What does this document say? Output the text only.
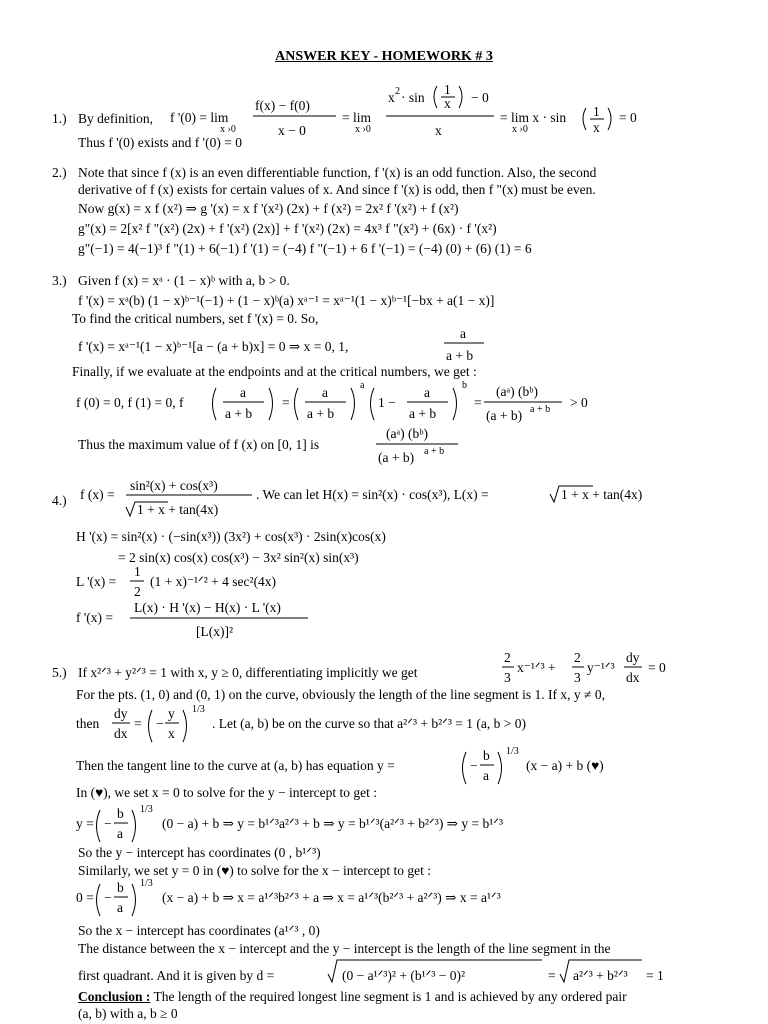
ANSWER KEY - HOMEWORK # 3
1.) By definition, f '(0) = lim
x ›0
f(x) − f(0)
x − 0
= lim
x ›0
x 2 · sin
1
x − 0
x
= lim x · sin
x ›0
1
x
= 0
Thus f '(0) exists and f '(0) = 0
2.) Note that since f (x) is an even differentiable function, f '(x) is an odd function. Also, the second
derivative of f (x) exists for certain values of x. And since f '(x) is odd, then f "(x) must be even.
Now g(x) = x f (x²) ⇒ g '(x) = x f '(x²) (2x) + f (x²) = 2x² f '(x²) + f (x²)
g"(x) = 2[x² f "(x²) (2x) + f '(x²) (2x)] + f '(x²) (2x) = 4x³ f "(x²) + (6x) · f '(x²)
g"(−1) = 4(−1)³ f "(1) + 6(−1) f '(1) = (−4) f "(−1) + 6 f '(−1) = (−4) (0) + (6) (1) = 6
3.) Given f (x) = xᵃ · (1 − x)ᵇ with a, b > 0.
f '(x) = xᵃ(b) (1 − x)ᵇ⁻¹(−1) + (1 − x)ᵇ(a) xᵃ⁻¹ = xᵃ⁻¹(1 − x)ᵇ⁻¹[−bx + a(1 − x)]
To find the critical numbers, set f '(x) = 0. So,
f '(x) = xᵃ⁻¹(1 − x)ᵇ⁻¹[a − (a + b)x] = 0 ⇒ x = 0, 1,
a
a + b
Finally, if we evaluate at the endpoints and at the critical numbers, we get :
f (0) = 0, f (1) = 0, f
a
a + b
=
a
a + b
a
1 −
a
a + b
b
=
(aᵃ) (bᵇ)
(a + b) a + b > 0
Thus the maximum value of f (x) on [0, 1] is
(aᵃ) (bᵇ)
(a + b) a + b
4.) f (x) =
sin²(x) + cos(x³)
1 + x + tan(4x)
. We can let H(x) = sin²(x) · cos(x³), L(x) =	1 + x + tan(4x)
H '(x) = sin²(x) · (−sin(x³)) (3x²) + cos(x³) · 2sin(x)cos(x)
= 2 sin(x) cos(x) cos(x³) − 3x² sin²(x) sin(x³)
L '(x) =
1
2
(1 + x)⁻¹ᐟ² + 4 sec²(4x)
f '(x) =
L(x) · H '(x) − H(x) · L '(x)
[L(x)]²
5.) If x²ᐟ³ + y²ᐟ³ = 1 with x, y ≥ 0, differentiating implicitly we get
2
3
x⁻¹ᐟ³ +
2
3
y⁻¹ᐟ³
dy
dx
= 0
For the pts. (1, 0) and (0, 1) on the curve, obviously the length of the line segment is 1. If x, y ≠ 0,
then
dy
dx
= −
y
x
1/3
. Let (a, b) be on the curve so that a²ᐟ³ + b²ᐟ³ = 1 (a, b > 0)
Then the tangent line to the curve at (a, b) has equation y =	−
b
a
1/3
(x − a) + b (♥)
In (♥), we set x = 0 to solve for the y − intercept to get :
y = −
b
a
1/3
(0 − a) + b ⇒ y = b¹ᐟ³a²ᐟ³ + b ⇒ y = b¹ᐟ³(a²ᐟ³ + b²ᐟ³) ⇒ y = b¹ᐟ³
So the y − intercept has coordinates (0 , b¹ᐟ³)
Similarly, we set y = 0 in (♥) to solve for the x − intercept to get :
0 = −
b
a
1/3
(x − a) + b ⇒ x = a¹ᐟ³b²ᐟ³ + a ⇒ x = a¹ᐟ³(b²ᐟ³ + a²ᐟ³) ⇒ x = a¹ᐟ³
So the x − intercept has coordinates (a¹ᐟ³ , 0)
The distance between the x − intercept and the y − intercept is the length of the line segment in the
first quadrant. And it is given by d =	(0 − a¹ᐟ³)² + (b¹ᐟ³ − 0)²	= a²ᐟ³ + b²ᐟ³ = 1
Conclusion : The length of the required longest line segment is 1 and is achieved by any ordered pair
(a, b) with a, b ≥ 0
